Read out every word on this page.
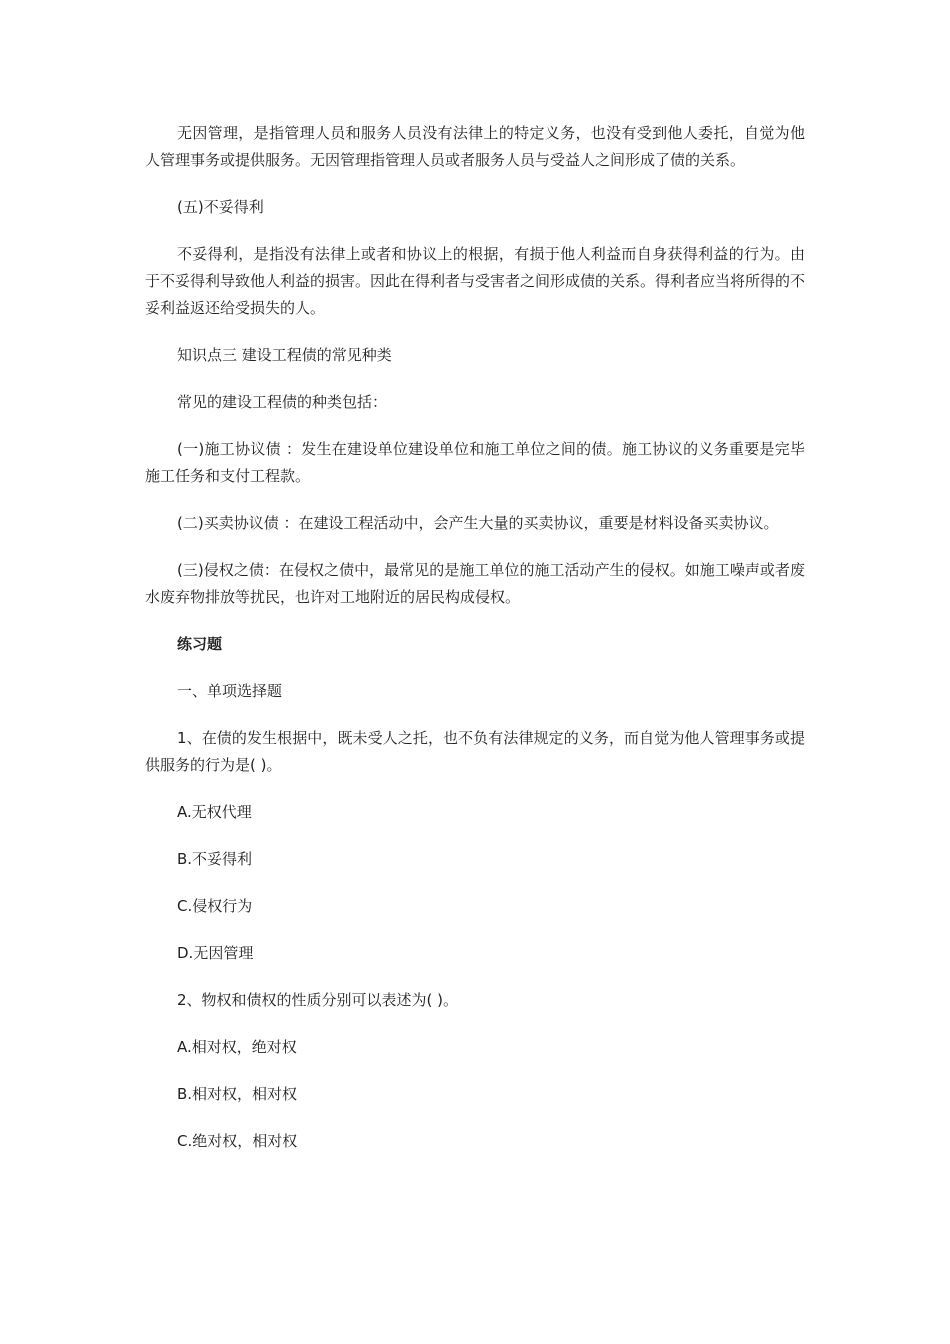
无因管理，是指管理人员和服务人员没有法律上的特定义务，也没有受到他人委托，自觉为他人管理事务或提供服务。无因管理指管理人员或者服务人员与受益人之间形成了债的关系。

(五)不妥得利

不妥得利，是指没有法律上或者和协议上的根据，有损于他人利益而自身获得利益的行为。由于不妥得利导致他人利益的损害。因此在得利者与受害者之间形成债的关系。得利者应当将所得的不妥利益返还给受损失的人。

知识点三 建设工程债的常见种类

常见的建设工程债的种类包括：

(一)施工协议债 ：发生在建设单位建设单位和施工单位之间的债。施工协议的义务重要是完毕施工任务和支付工程款。

(二)买卖协议债 ：在建设工程活动中，会产生大量的买卖协议，重要是材料设备买卖协议。

(三)侵权之债：在侵权之债中，最常见的是施工单位的施工活动产生的侵权。如施工噪声或者废水废弃物排放等扰民，也许对工地附近的居民构成侵权。

练习题

一、单项选择题

1、在债的发生根据中，既未受人之托，也不负有法律规定的义务，而自觉为他人管理事务或提供服务的行为是( )。

A.无权代理

B.不妥得利

C.侵权行为

D.无因管理

2、物权和债权的性质分别可以表述为( )。

A.相对权，绝对权

B.相对权，相对权

C.绝对权，相对权
